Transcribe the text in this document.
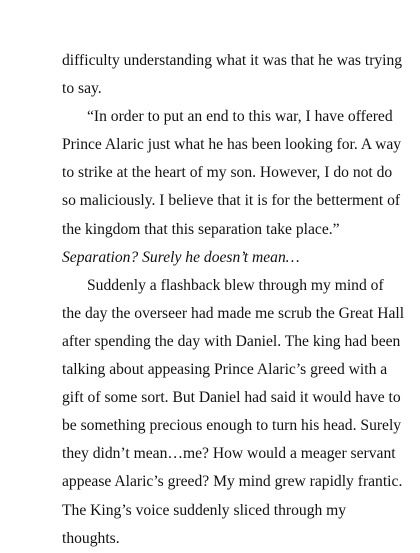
difficulty understanding what it was that he was trying
to say.
“In order to put an end to this war, I have offered
Prince Alaric just what he has been looking for. A way
to strike at the heart of my son. However, I do not do
so maliciously. I believe that it is for the betterment of
the kingdom that this separation take place.”
Separation? Surely he doesn’t mean…
Suddenly a flashback blew through my mind of
the day the overseer had made me scrub the Great Hall
after spending the day with Daniel. The king had been
talking about appeasing Prince Alaric’s greed with a
gift of some sort. But Daniel had said it would have to
be something precious enough to turn his head. Surely
they didn’t mean…me? How would a meager servant
appease Alaric’s greed? My mind grew rapidly frantic.
The King’s voice suddenly sliced through my
thoughts.
